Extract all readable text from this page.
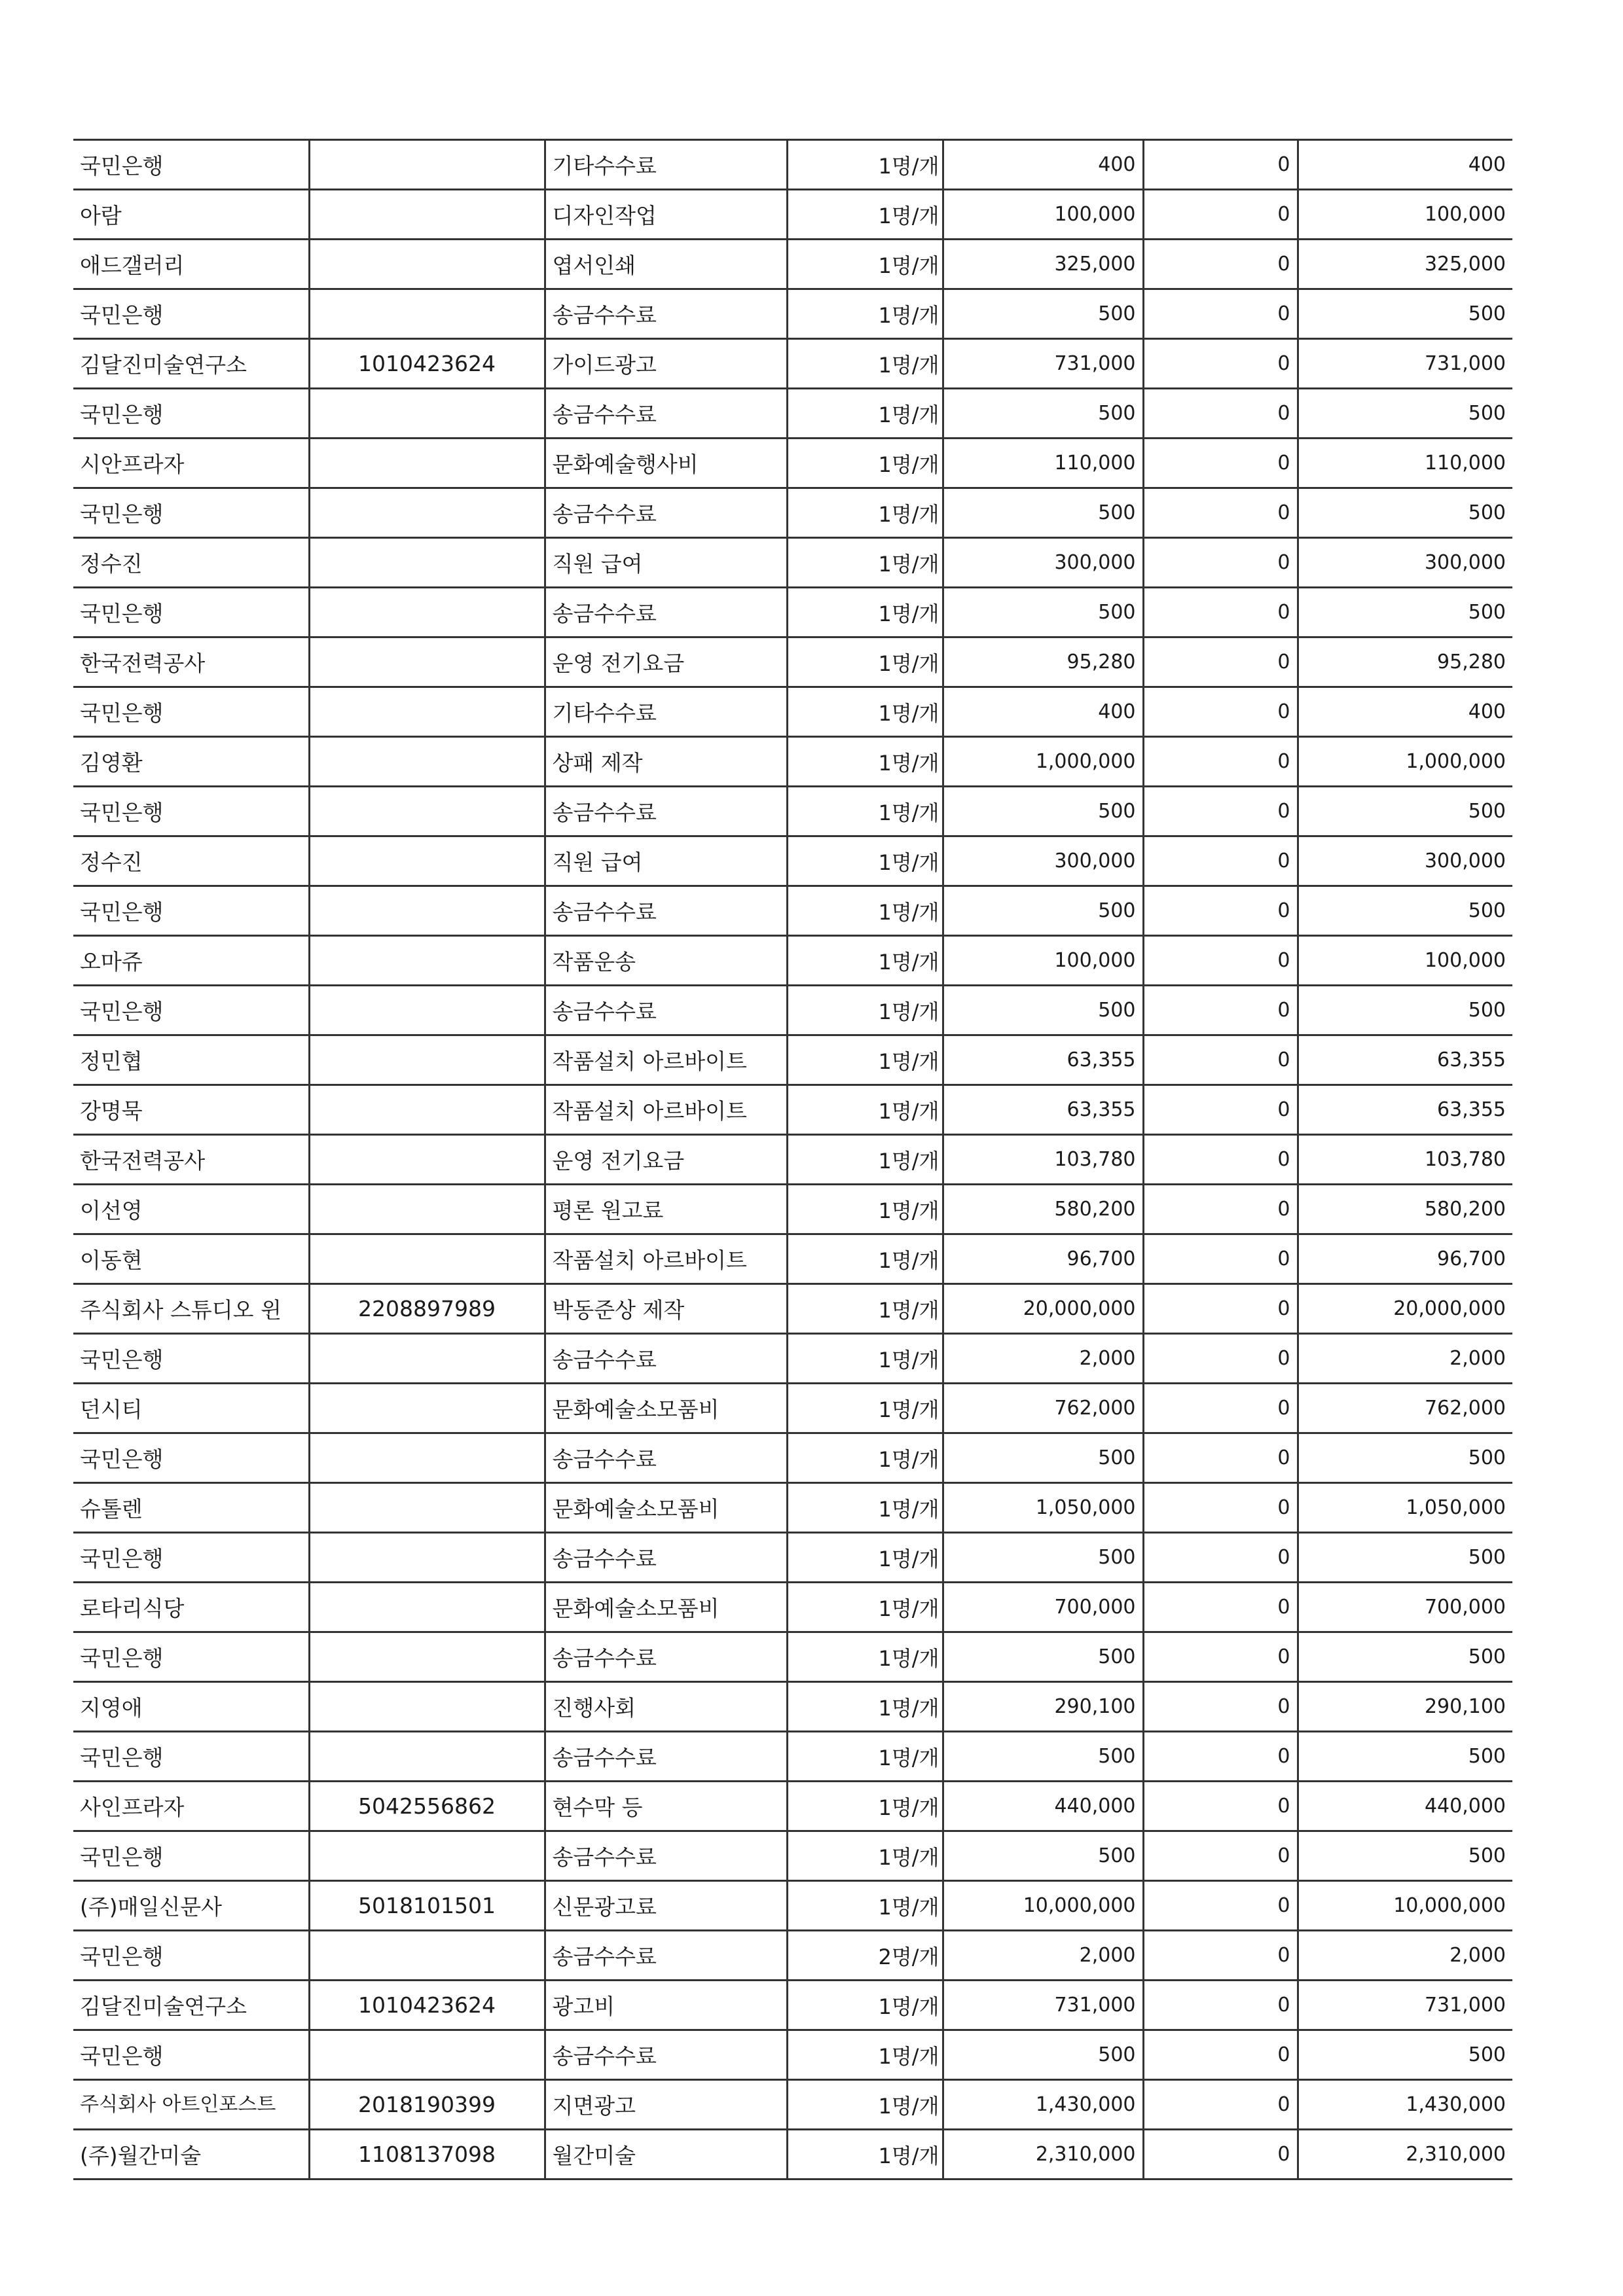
국민은행		기타수수료	1명/개	400	0	400
아람		디자인작업	1명/개	100,000	0	100,000
애드갤러리		엽서인쇄	1명/개	325,000	0	325,000
국민은행		송금수수료	1명/개	500	0	500
김달진미술연구소	1010423624	가이드광고	1명/개	731,000	0	731,000
국민은행		송금수수료	1명/개	500	0	500
시안프라자		문화예술행사비	1명/개	110,000	0	110,000
국민은행		송금수수료	1명/개	500	0	500
정수진		직원 급여	1명/개	300,000	0	300,000
국민은행		송금수수료	1명/개	500	0	500
한국전력공사		운영 전기요금	1명/개	95,280	0	95,280
국민은행		기타수수료	1명/개	400	0	400
김영환		상패 제작	1명/개	1,000,000	0	1,000,000
국민은행		송금수수료	1명/개	500	0	500
정수진		직원 급여	1명/개	300,000	0	300,000
국민은행		송금수수료	1명/개	500	0	500
오마쥬		작품운송	1명/개	100,000	0	100,000
국민은행		송금수수료	1명/개	500	0	500
정민협		작품설치 아르바이트	1명/개	63,355	0	63,355
강명묵		작품설치 아르바이트	1명/개	63,355	0	63,355
한국전력공사		운영 전기요금	1명/개	103,780	0	103,780
이선영		평론 원고료	1명/개	580,200	0	580,200
이동현		작품설치 아르바이트	1명/개	96,700	0	96,700
주식회사 스튜디오 윈	2208897989	박동준상 제작	1명/개	20,000,000	0	20,000,000
국민은행		송금수수료	1명/개	2,000	0	2,000
던시티		문화예술소모품비	1명/개	762,000	0	762,000
국민은행		송금수수료	1명/개	500	0	500
슈톨렌		문화예술소모품비	1명/개	1,050,000	0	1,050,000
국민은행		송금수수료	1명/개	500	0	500
로타리식당		문화예술소모품비	1명/개	700,000	0	700,000
국민은행		송금수수료	1명/개	500	0	500
지영애		진행사회	1명/개	290,100	0	290,100
국민은행		송금수수료	1명/개	500	0	500
사인프라자	5042556862	현수막 등	1명/개	440,000	0	440,000
국민은행		송금수수료	1명/개	500	0	500
(주)매일신문사	5018101501	신문광고료	1명/개	10,000,000	0	10,000,000
국민은행		송금수수료	2명/개	2,000	0	2,000
김달진미술연구소	1010423624	광고비	1명/개	731,000	0	731,000
국민은행		송금수수료	1명/개	500	0	500
주식회사 아트인포스트	2018190399	지면광고	1명/개	1,430,000	0	1,430,000
(주)월간미술	1108137098	월간미술	1명/개	2,310,000	0	2,310,000
